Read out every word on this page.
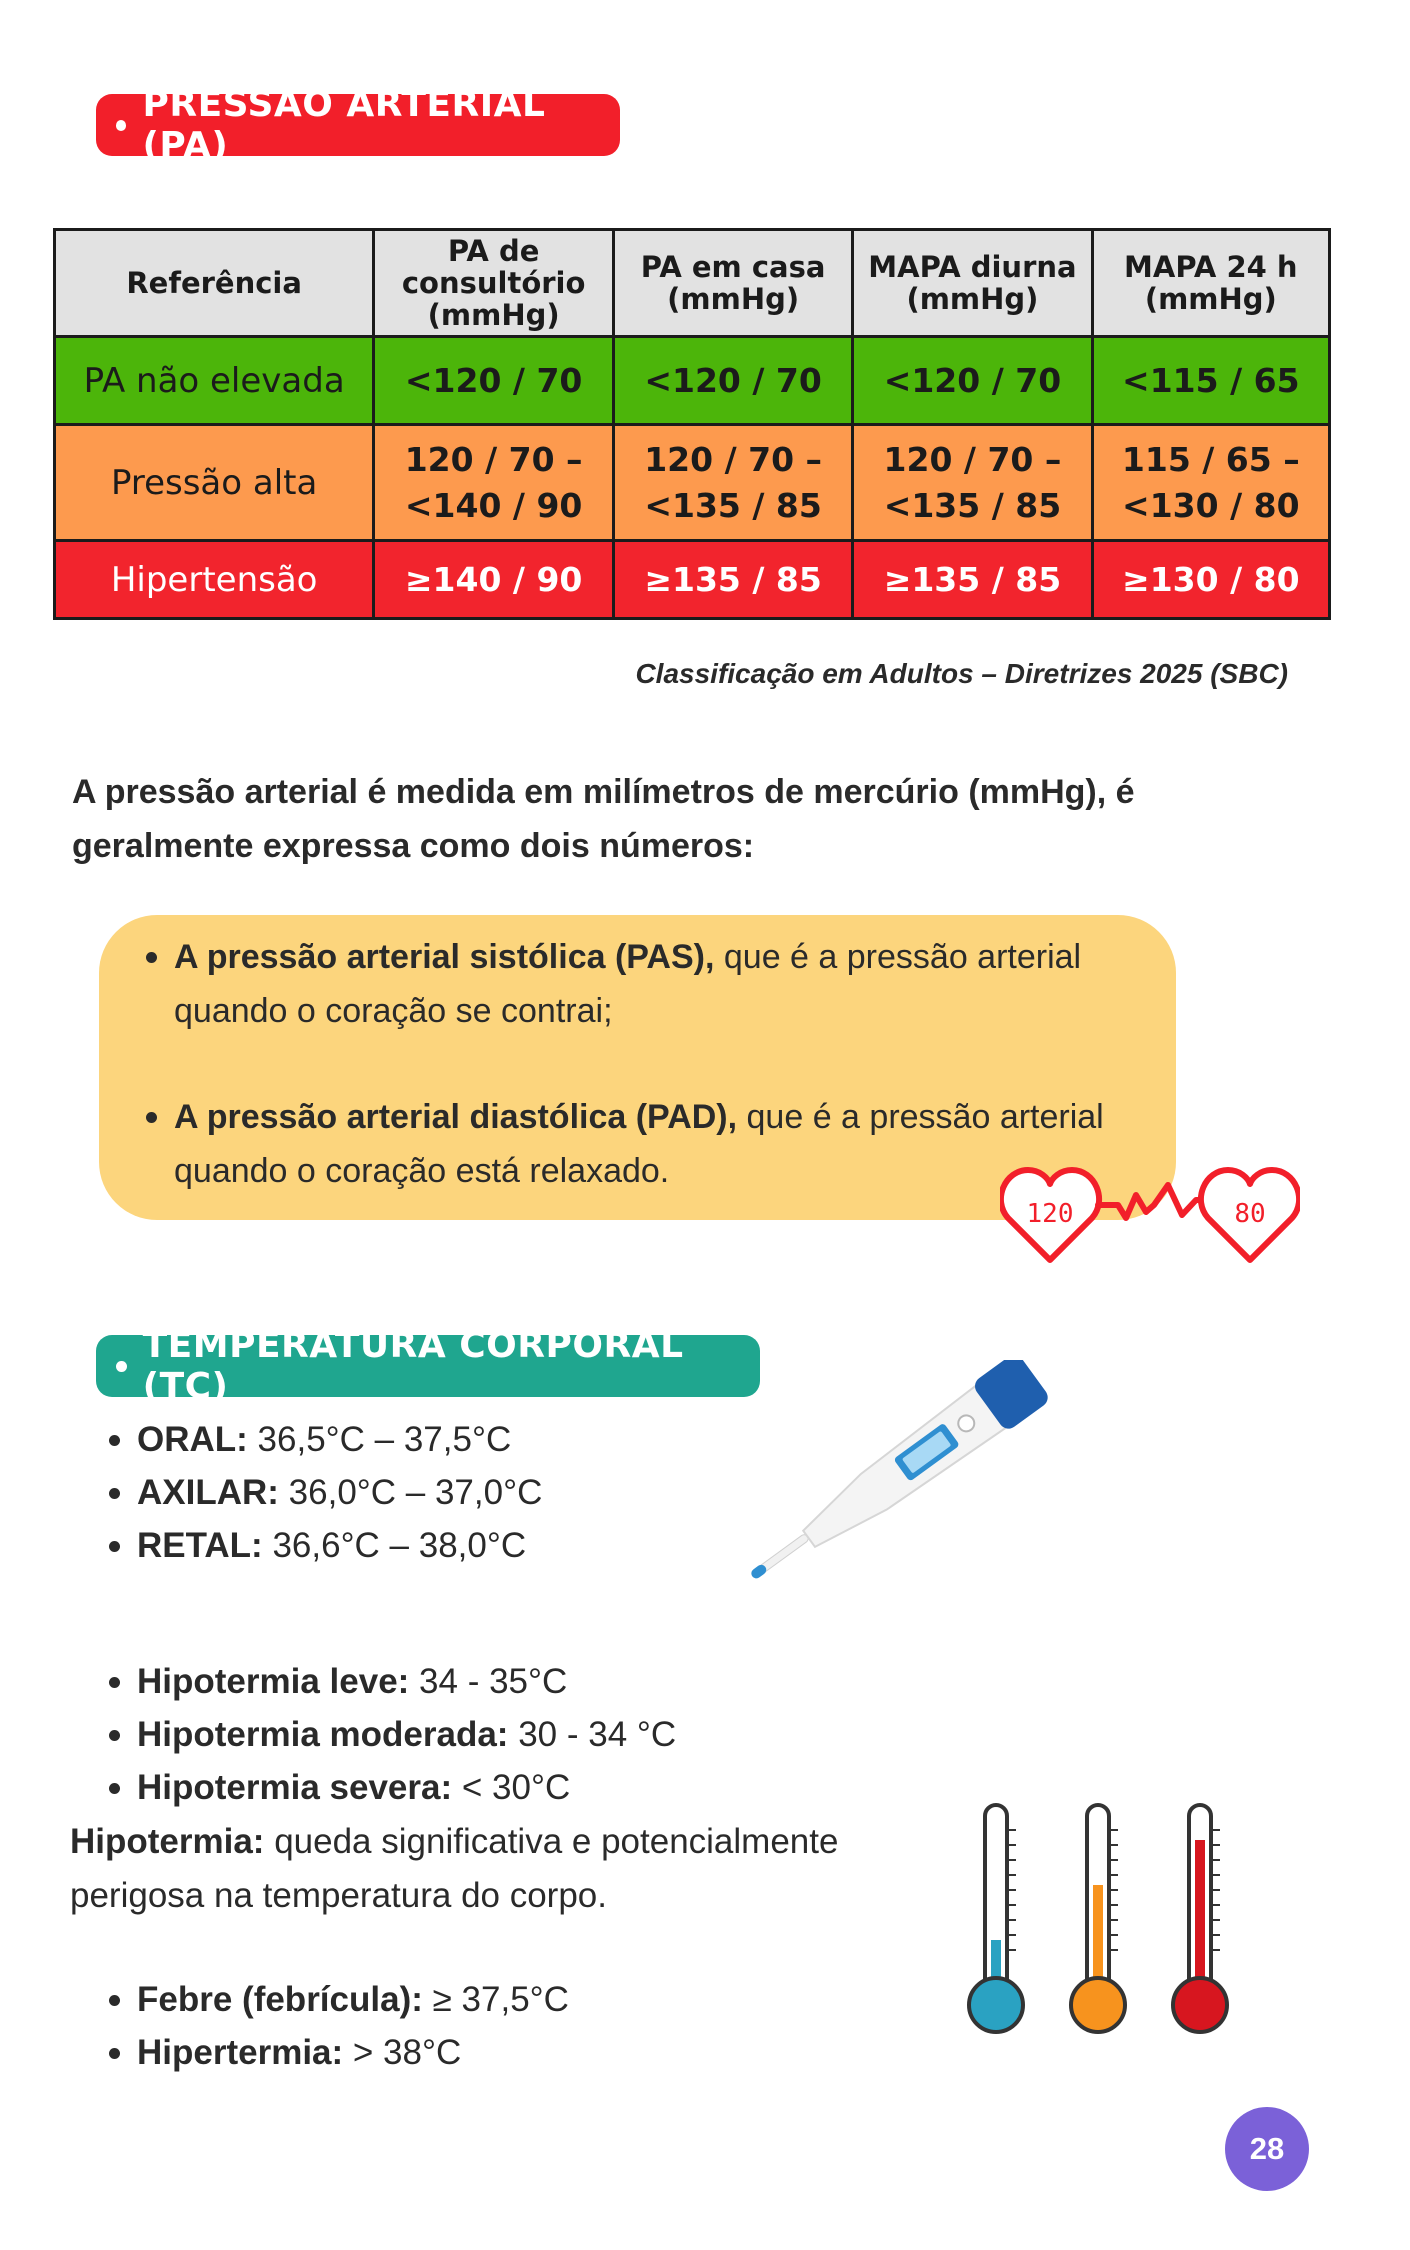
PRESSÃO ARTERIAL (PA)
Referência	PA de consultório (mmHg)	PA em casa (mmHg)	MAPA diurna (mmHg)	MAPA 24 h (mmHg)
PA não elevada	<120 / 70	<120 / 70	<120 / 70	<115 / 65
Pressão alta	120 / 70 – <140 / 90	120 / 70 – <135 / 85	120 / 70 – <135 / 85	115 / 65 – <130 / 80
Hipertensão	≥140 / 90	≥135 / 85	≥135 / 85	≥130 / 80
Classificação em Adultos – Diretrizes 2025 (SBC)

A pressão arterial é medida em milímetros de mercúrio (mmHg), é geralmente expressa como dois números:

A pressão arterial sistólica (PAS), que é a pressão arterial quando o coração se contrai;
A pressão arterial diastólica (PAD), que é a pressão arterial quando o coração está relaxado.
120	80
TEMPERATURA CORPORAL (TC)
ORAL: 36,5°C – 37,5°C
AXILAR: 36,0°C – 37,0°C
RETAL: 36,6°C – 38,0°C
Hipotermia leve: 34 - 35°C
Hipotermia moderada: 30 - 34 °C
Hipotermia severa: < 30°C

Hipotermia: queda significativa e potencialmente perigosa na temperatura do corpo.

Febre (febrícula): ≥ 37,5°C
Hipertermia: > 38°C
28
